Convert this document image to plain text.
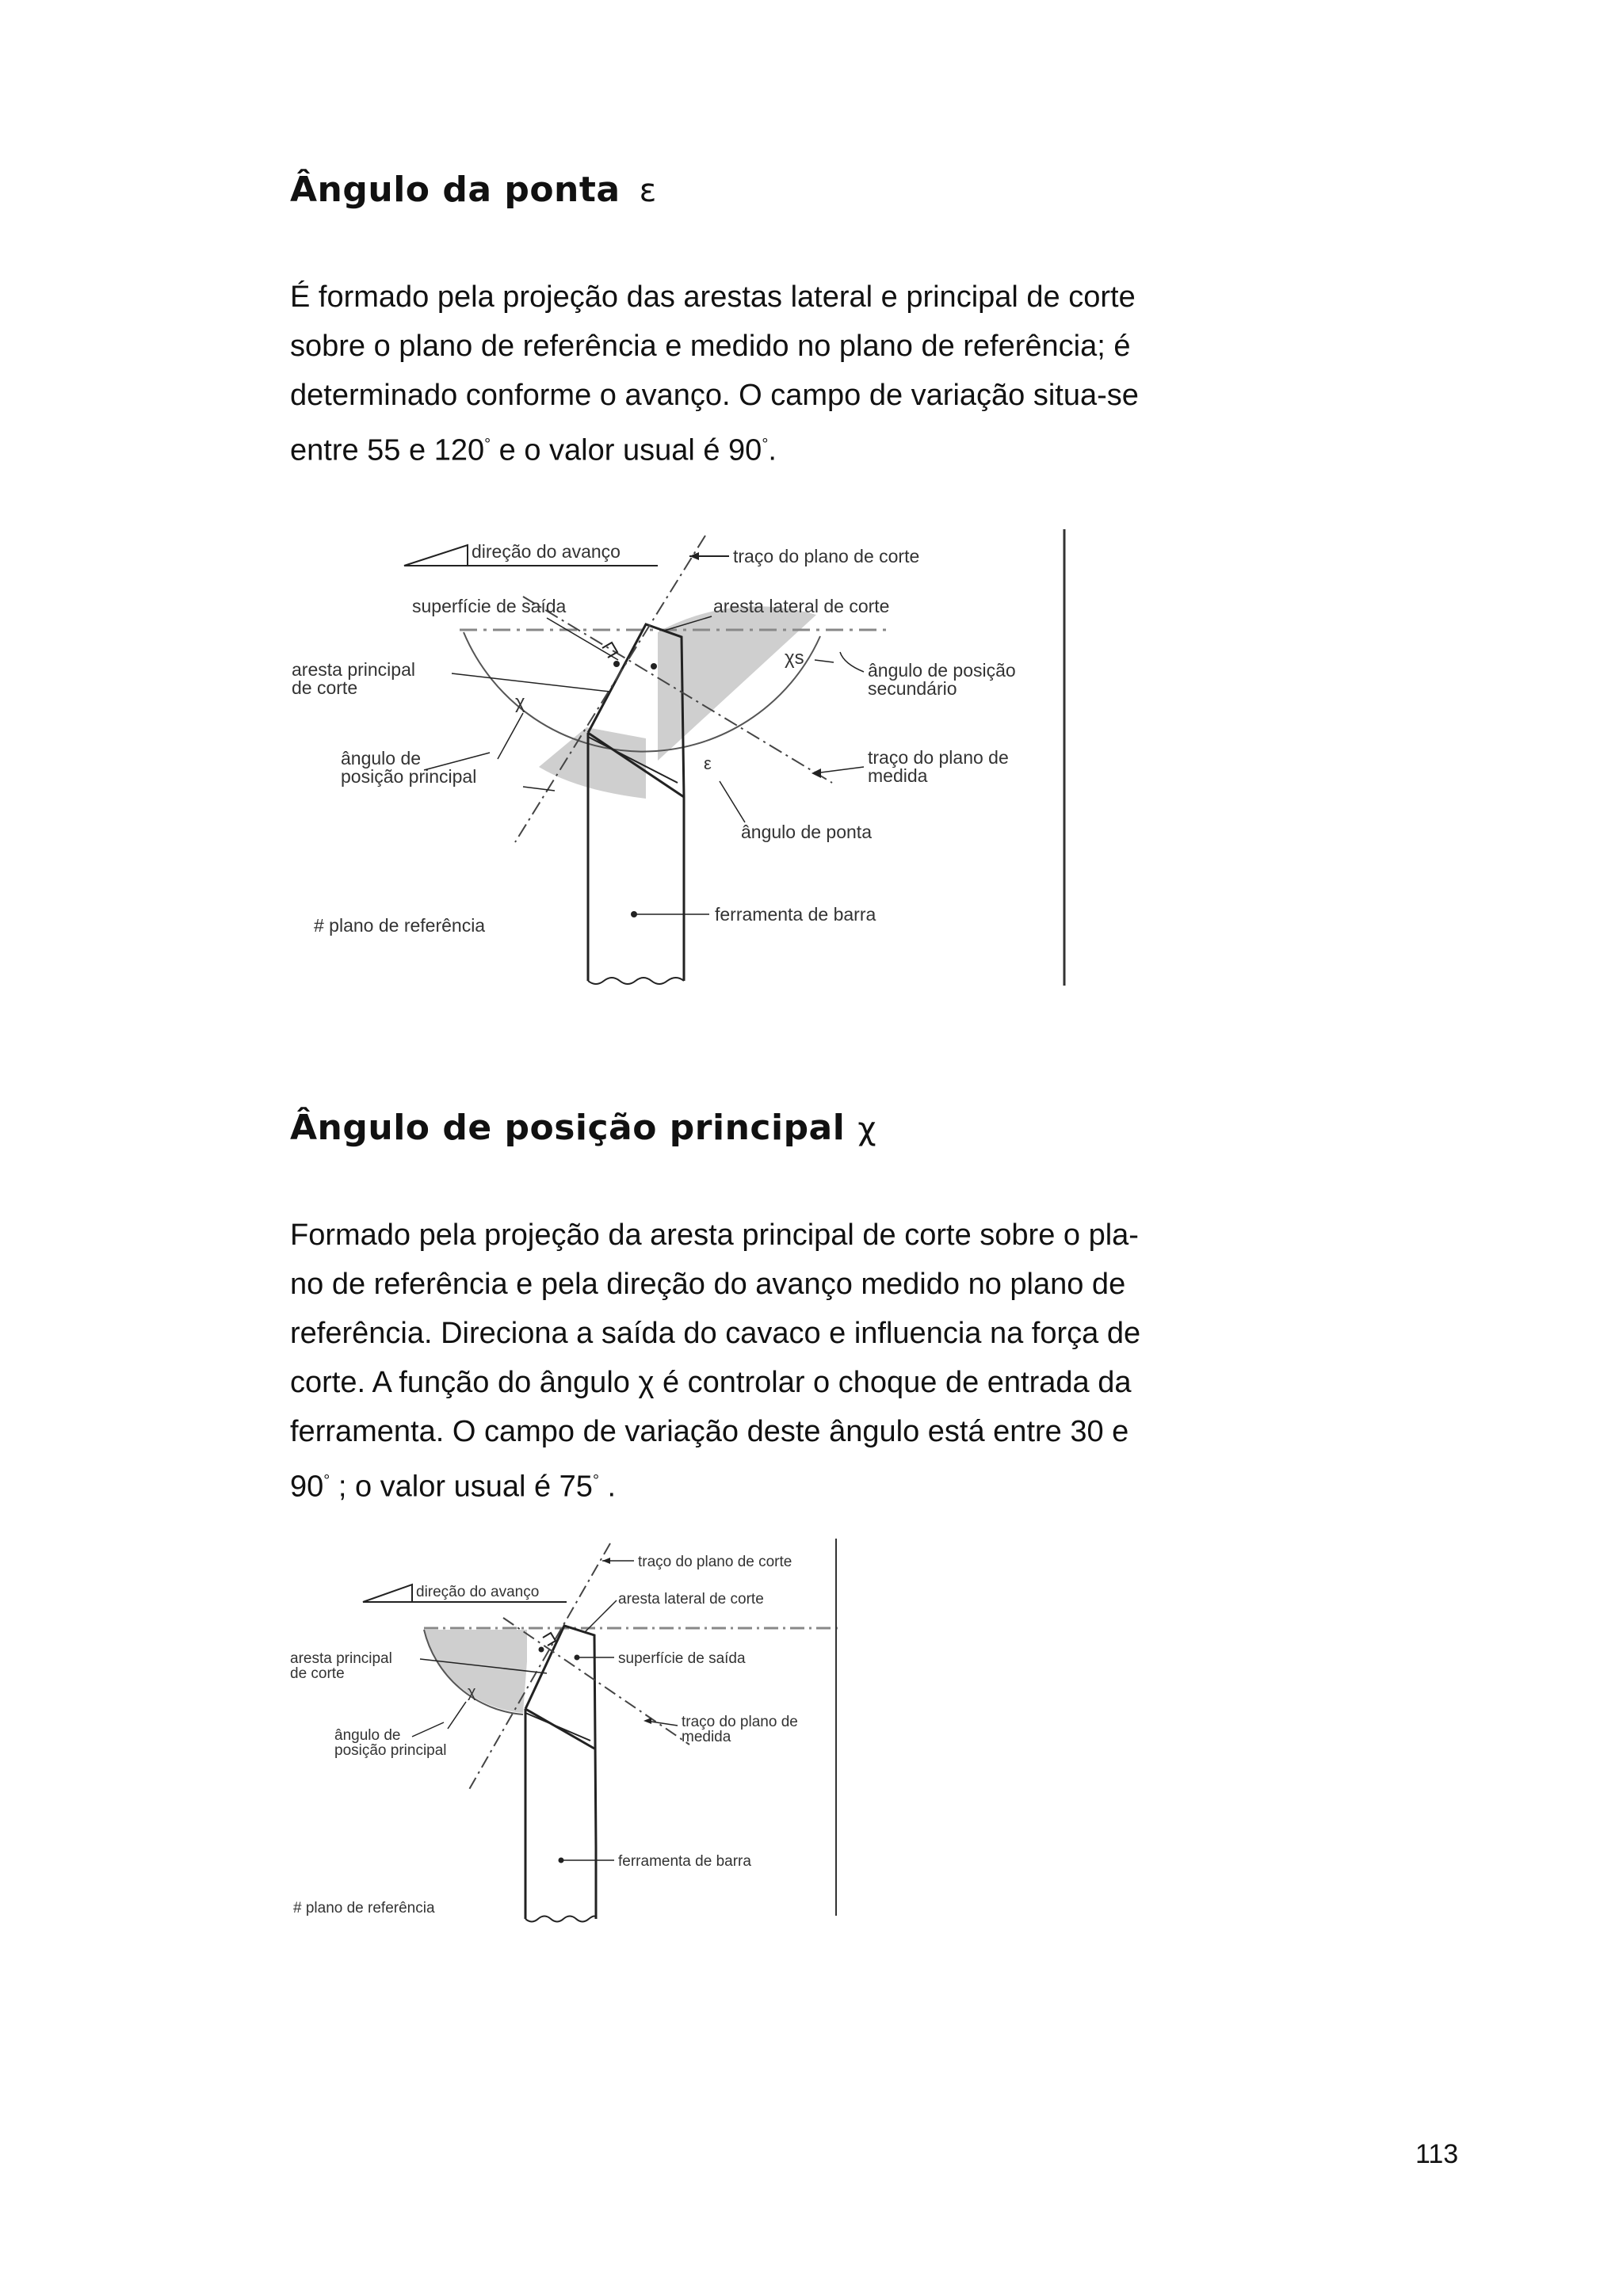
Ângulo da ponta ε
É formado pela projeção das arestas lateral e principal de corte
sobre o plano de referência e medido no plano de referência; é
determinado conforme o avanço. O campo de variação situa-se
entre 55 e 120° e o valor usual é 90°.
direção do avanço	traço do plano de corte
superfície de saída	aresta lateral de corte
aresta principal
de corte
χ
χs
ângulo de posição
secundário
ângulo de
posição principal
ε	traço do plano de
medida
ângulo de ponta
ferramenta de barra
# plano de referência
Ângulo de posição principal χ
Formado pela projeção da aresta principal de corte sobre o pla-
no de referência e pela direção do avanço medido no plano de
referência. Direciona a saída do cavaco e influencia na força de
corte. A função do ângulo χ é controlar o choque de entrada da
ferramenta. O campo de variação deste ângulo está entre 30 e
90° ; o valor usual é 75° .
traço do plano de corte
direção do avanço	aresta lateral de corte
aresta principal
de corte
superfície de saída
χ
ângulo de
posição principal
traço do plano de
medida
ferramenta de barra
# plano de referência
113
